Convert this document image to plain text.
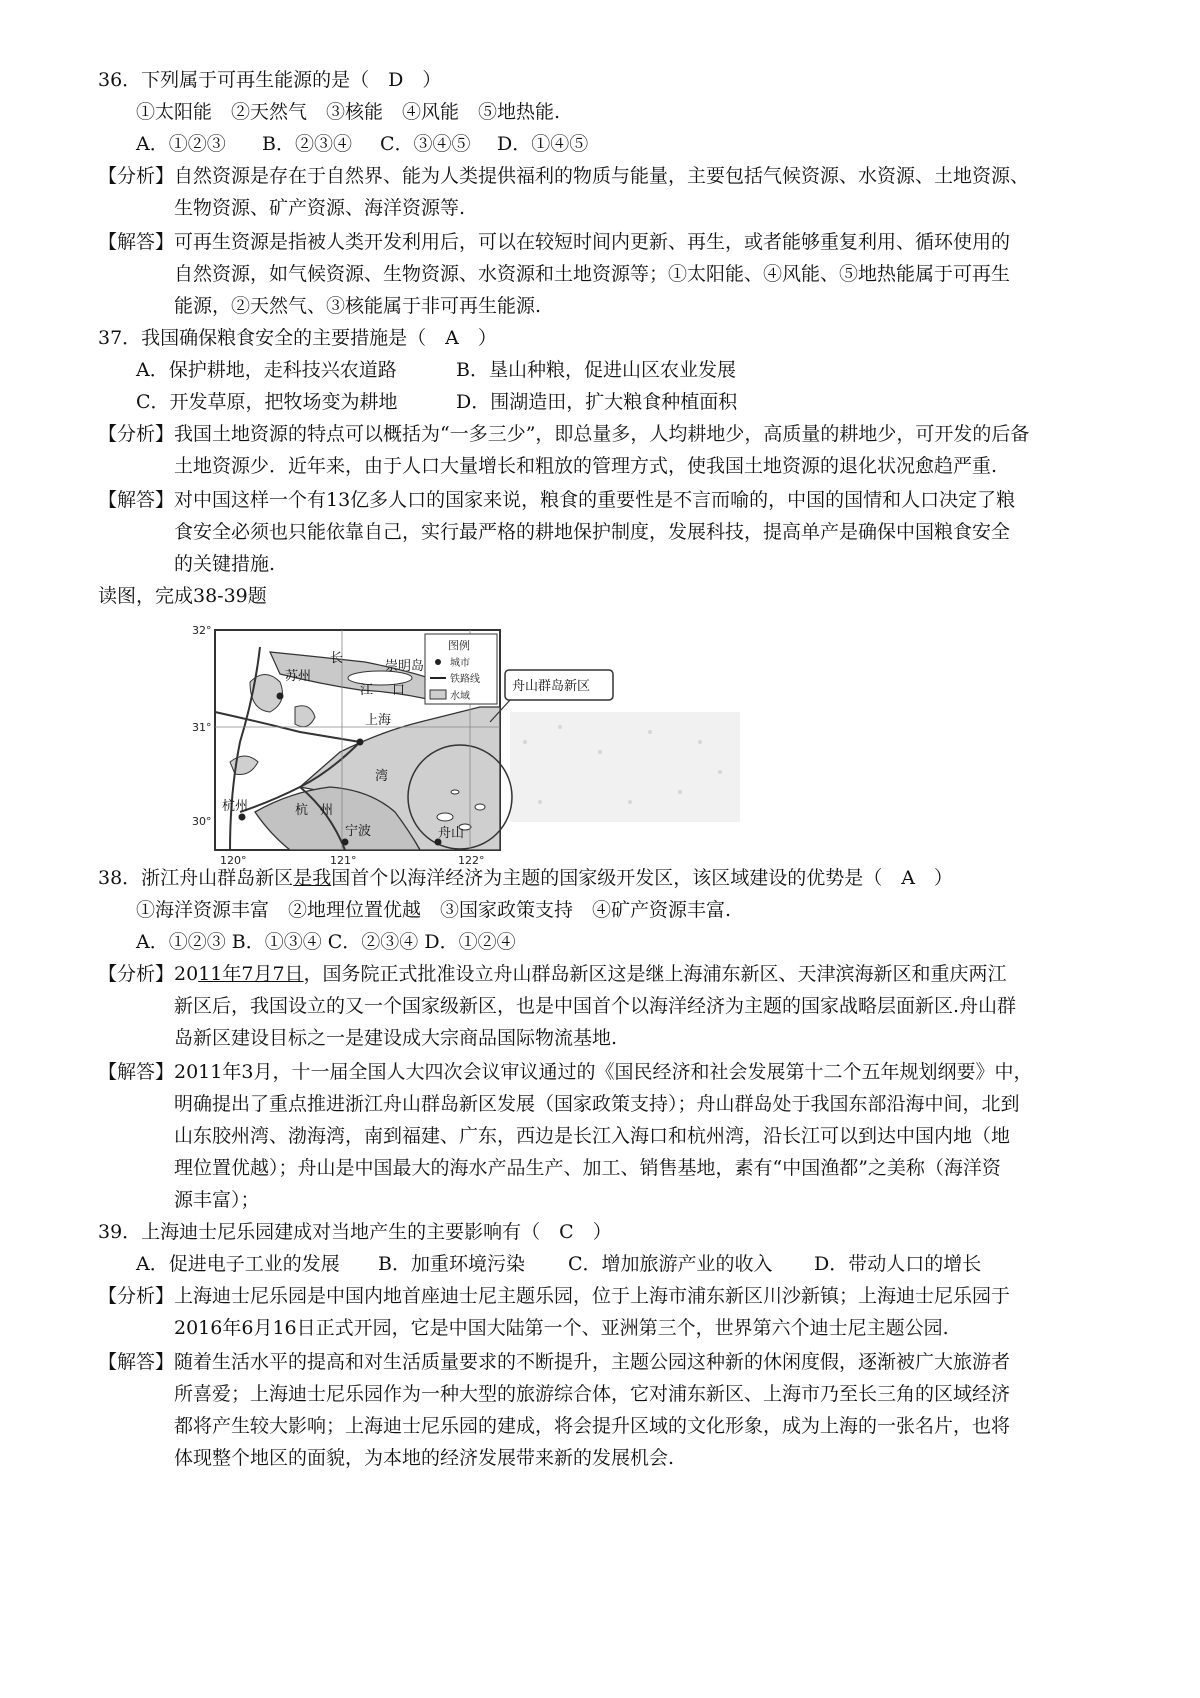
36．下列属于可再生能源的是（　D　）
①太阳能　②天然气　③核能　④风能　⑤地热能.
A．①②③ B．②③④ C．③④⑤ D．①④⑤
【分析】 自然资源是存在于自然界、能为人类提供福利的物质与能量，主要包括气候资源、水资源、土地资源、
生物资源、矿产资源、海洋资源等.
【解答】 可再生资源是指被人类开发利用后，可以在较短时间内更新、再生，或者能够重复利用、循环使用的
自然资源，如气候资源、生物资源、水资源和土地资源等；①太阳能、④风能、⑤地热能属于可再生
能源，②天然气、③核能属于非可再生能源.
37．我国确保粮食安全的主要措施是（　A　）
A．保护耕地，走科技兴农道路	B．垦山种粮，促进山区农业发展
C．开发草原，把牧场变为耕地	D．围湖造田，扩大粮食种植面积
【分析】 我国土地资源的特点可以概括为“一多三少”，即总量多，人均耕地少，高质量的耕地少，可开发的后备
土地资源少．近年来，由于人口大量增长和粗放的管理方式，使我国土地资源的退化状况愈趋严重.
【解答】 对中国这样一个有13亿多人口的国家来说，粮食的重要性是不言而喻的，中国的国情和人口决定了粮
食安全必须也只能依靠自己，实行最严格的耕地保护制度，发展科技，提高单产是确保中国粮食安全
的关键措施.
读图，完成38-39题
图例
城市
铁路线
水域
舟山群岛新区
苏州
长
江 口
崇明岛
上海
杭 州
湾
杭州
宁波	舟山
32°
31°
30°
120°	121°	122°
38．浙江舟山群岛新区是我国首个以海洋经济为主题的国家级开发区，该区域建设的优势是（　A　）
①海洋资源丰富　②地理位置优越　③国家政策支持　④矿产资源丰富.
A．①②③ B．①③④ C．②③④ D．①②④
【分析】 2011年7月7日，国务院正式批准设立舟山群岛新区这是继上海浦东新区、天津滨海新区和重庆两江
新区后，我国设立的又一个国家级新区，也是中国首个以海洋经济为主题的国家战略层面新区.舟山群
岛新区建设目标之一是建设成大宗商品国际物流基地.
【解答】 2011年3月，十一届全国人大四次会议审议通过的《国民经济和社会发展第十二个五年规划纲要》中，
明确提出了重点推进浙江舟山群岛新区发展（国家政策支持）；舟山群岛处于我国东部沿海中间，北到
山东胶州湾、渤海湾，南到福建、广东，西边是长江入海口和杭州湾，沿长江可以到达中国内地（地
理位置优越）；舟山是中国最大的海水产品生产、加工、销售基地，素有“中国渔都”之美称（海洋资
源丰富）；
39．上海迪士尼乐园建成对当地产生的主要影响有（　C　）
A．促进电子工业的发展 B．加重环境污染 C．增加旅游产业的收入 D．带动人口的增长
【分析】 上海迪士尼乐园是中国内地首座迪士尼主题乐园，位于上海市浦东新区川沙新镇；上海迪士尼乐园于
2016年6月16日正式开园，它是中国大陆第一个、亚洲第三个，世界第六个迪士尼主题公园.
【解答】 随着生活水平的提高和对生活质量要求的不断提升，主题公园这种新的休闲度假，逐渐被广大旅游者
所喜爱；上海迪士尼乐园作为一种大型的旅游综合体，它对浦东新区、上海市乃至长三角的区域经济
都将产生较大影响；上海迪士尼乐园的建成，将会提升区域的文化形象，成为上海的一张名片，也将
体现整个地区的面貌，为本地的经济发展带来新的发展机会.
